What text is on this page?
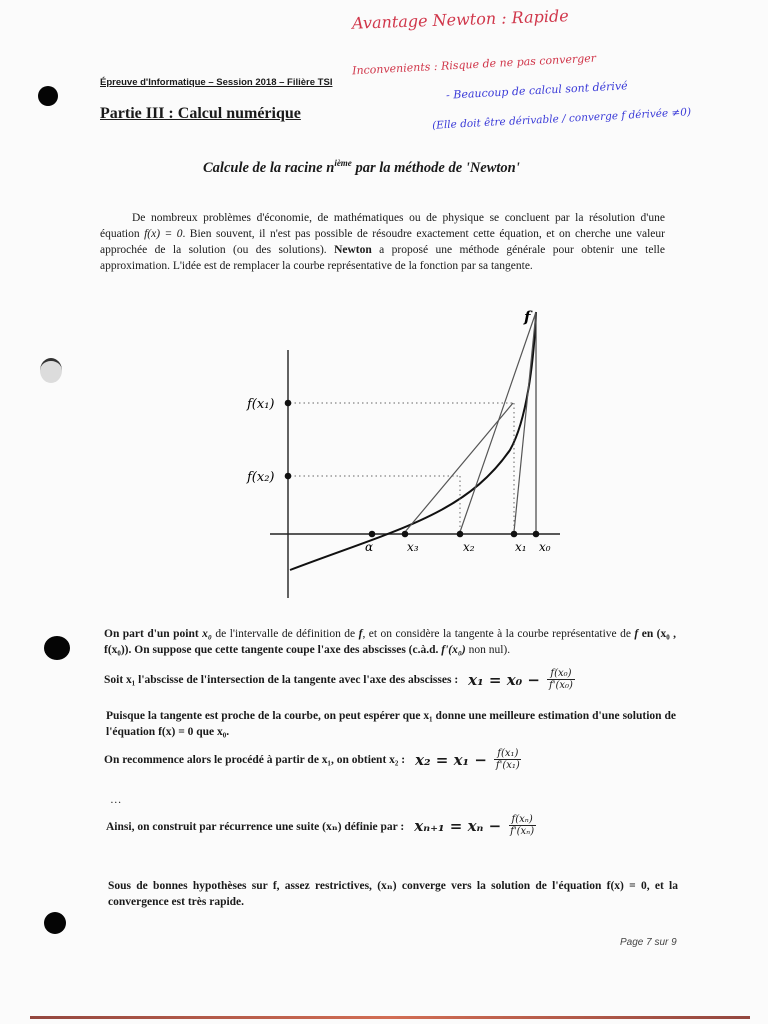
Avantage Newton : Rapide
Inconvenients : Risque de ne pas converger
- Beaucoup de calcul sont dérivé
(Elle doit être dérivable / converge f dérivée ≠0)
Épreuve d'Informatique – Session 2018 – Filière TSI
Partie III : Calcul numérique
Calcule de la racine $n^{ième}$ par la méthode de 'Newton'
De nombreux problèmes d'économie, de mathématiques ou de physique se concluent par la résolution d'une équation f(x) = 0. Bien souvent, il n'est pas possible de résoudre exactement cette équation, et on cherche une valeur approchée de la solution (ou des solutions). Newton a proposé une méthode générale pour obtenir une telle approximation. L'idée est de remplacer la courbe représentative de la fonction par sa tangente.
f
f(x₁)
f(x₂)
α	x₃	x₂	x₁ x₀
On part d'un point x₀ de l'intervalle de définition de f, et on considère la tangente à la courbe représentative de f en (x₀ , f(x₀)). On suppose que cette tangente coupe l'axe des abscisses (c.à.d. f'(x₀) non nul).
Soit x₁ l'abscisse de l'intersection de la tangente avec l'axe des abscisses : $x_1 = x_0 - \frac{\text{f(x₀)}}{\text{f'(x₀)}}$
Puisque la tangente est proche de la courbe, on peut espérer que x₁ donne une meilleure estimation d'une solution de l'équation f(x) = 0 que x₀.
On recommence alors le procédé à partir de x₁, on obtient x₂ : $x_2 = x_1 - \frac{\text{f(x₁)}}{\text{f'(x₁)}}$
…
Ainsi, on construit par récurrence une suite (xₙ) définie par : $x_{n+1} = x_n - \frac{\text{f(xₙ)}}{\text{f'(xₙ)}}$
Sous de bonnes hypothèses sur f, assez restrictives, (xₙ) converge vers la solution de l'équation f(x) = 0, et la convergence est très rapide.
Page 7 sur 9
